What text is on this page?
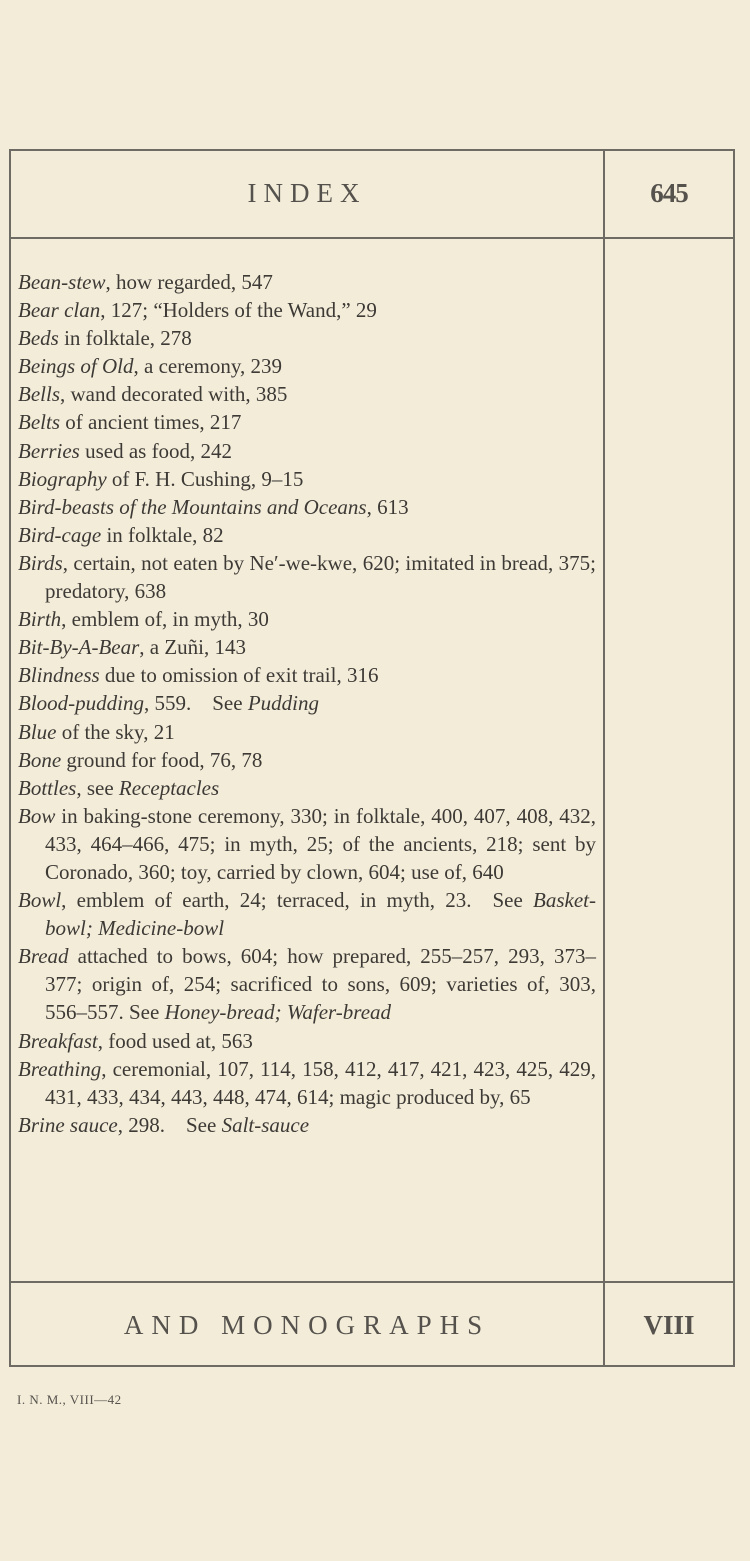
INDEX	645
Bean-stew, how regarded, 547
Bear clan, 127; “Holders of the Wand,” 29
Beds in folktale, 278
Beings of Old, a ceremony, 239
Bells, wand decorated with, 385
Belts of ancient times, 217
Berries used as food, 242
Biography of F. H. Cushing, 9–15
Bird-beasts of the Mountains and Oceans, 613
Bird-cage in folktale, 82
Birds, certain, not eaten by Ne′-we-kwe, 620; imitated in bread, 375; predatory, 638
Birth, emblem of, in myth, 30
Bit-By-A-Bear, a Zuñi, 143
Blindness due to omission of exit trail, 316
Blood-pudding, 559. See Pudding
Blue of the sky, 21
Bone ground for food, 76, 78
Bottles, see Receptacles
Bow in baking-stone ceremony, 330; in folktale, 400, 407, 408, 432, 433, 464–466, 475; in myth, 25; of the ancients, 218; sent by Coronado, 360; toy, carried by clown, 604; use of, 640
Bowl, emblem of earth, 24; terraced, in myth, 23. See Basket-bowl; Medicine-bowl
Bread attached to bows, 604; how prepared, 255–257, 293, 373–377; origin of, 254; sacrificed to sons, 609; varieties of, 303, 556–557. See Honey-bread; Wafer-bread
Breakfast, food used at, 563
Breathing, ceremonial, 107, 114, 158, 412, 417, 421, 423, 425, 429, 431, 433, 434, 443, 448, 474, 614; magic produced by, 65
Brine sauce, 298. See Salt-sauce
AND MONOGRAPHS	VIII
I. N. M., VIII—42
